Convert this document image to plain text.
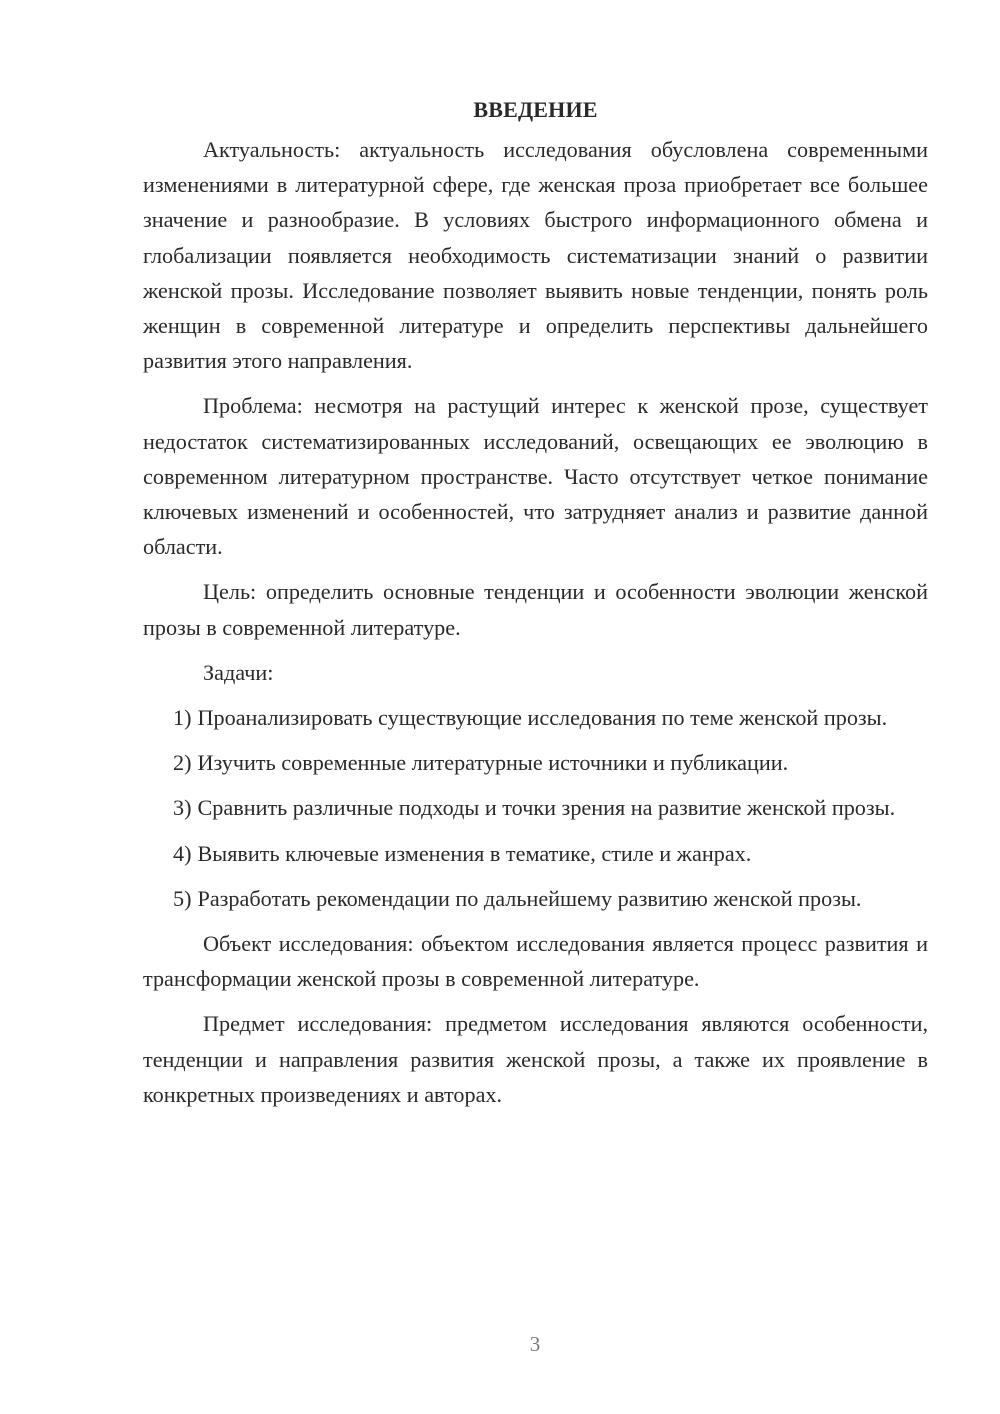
ВВЕДЕНИЕ

Актуальность: актуальность исследования обусловлена современными изменениями в литературной сфере, где женская проза приобретает все большее значение и разнообразие. В условиях быстрого информационного обмена и глобализации появляется необходимость систематизации знаний о развитии женской прозы. Исследование позволяет выявить новые тенденции, понять роль женщин в современной литературе и определить перспективы дальнейшего развития этого направления.

Проблема: несмотря на растущий интерес к женской прозе, существует недостаток систематизированных исследований, освещающих ее эволюцию в современном литературном пространстве. Часто отсутствует четкое понимание ключевых изменений и особенностей, что затрудняет анализ и развитие данной области.

Цель: определить основные тенденции и особенности эволюции женской прозы в современной литературе.

Задачи:

1) Проанализировать существующие исследования по теме женской прозы.

2) Изучить современные литературные источники и публикации.

3) Сравнить различные подходы и точки зрения на развитие женской прозы.

4) Выявить ключевые изменения в тематике, стиле и жанрах.

5) Разработать рекомендации по дальнейшему развитию женской прозы.

Объект исследования: объектом исследования является процесс развития и трансформации женской прозы в современной литературе.

Предмет исследования: предметом исследования являются особенности, тенденции и направления развития женской прозы, а также их проявление в конкретных произведениях и авторах.

3
